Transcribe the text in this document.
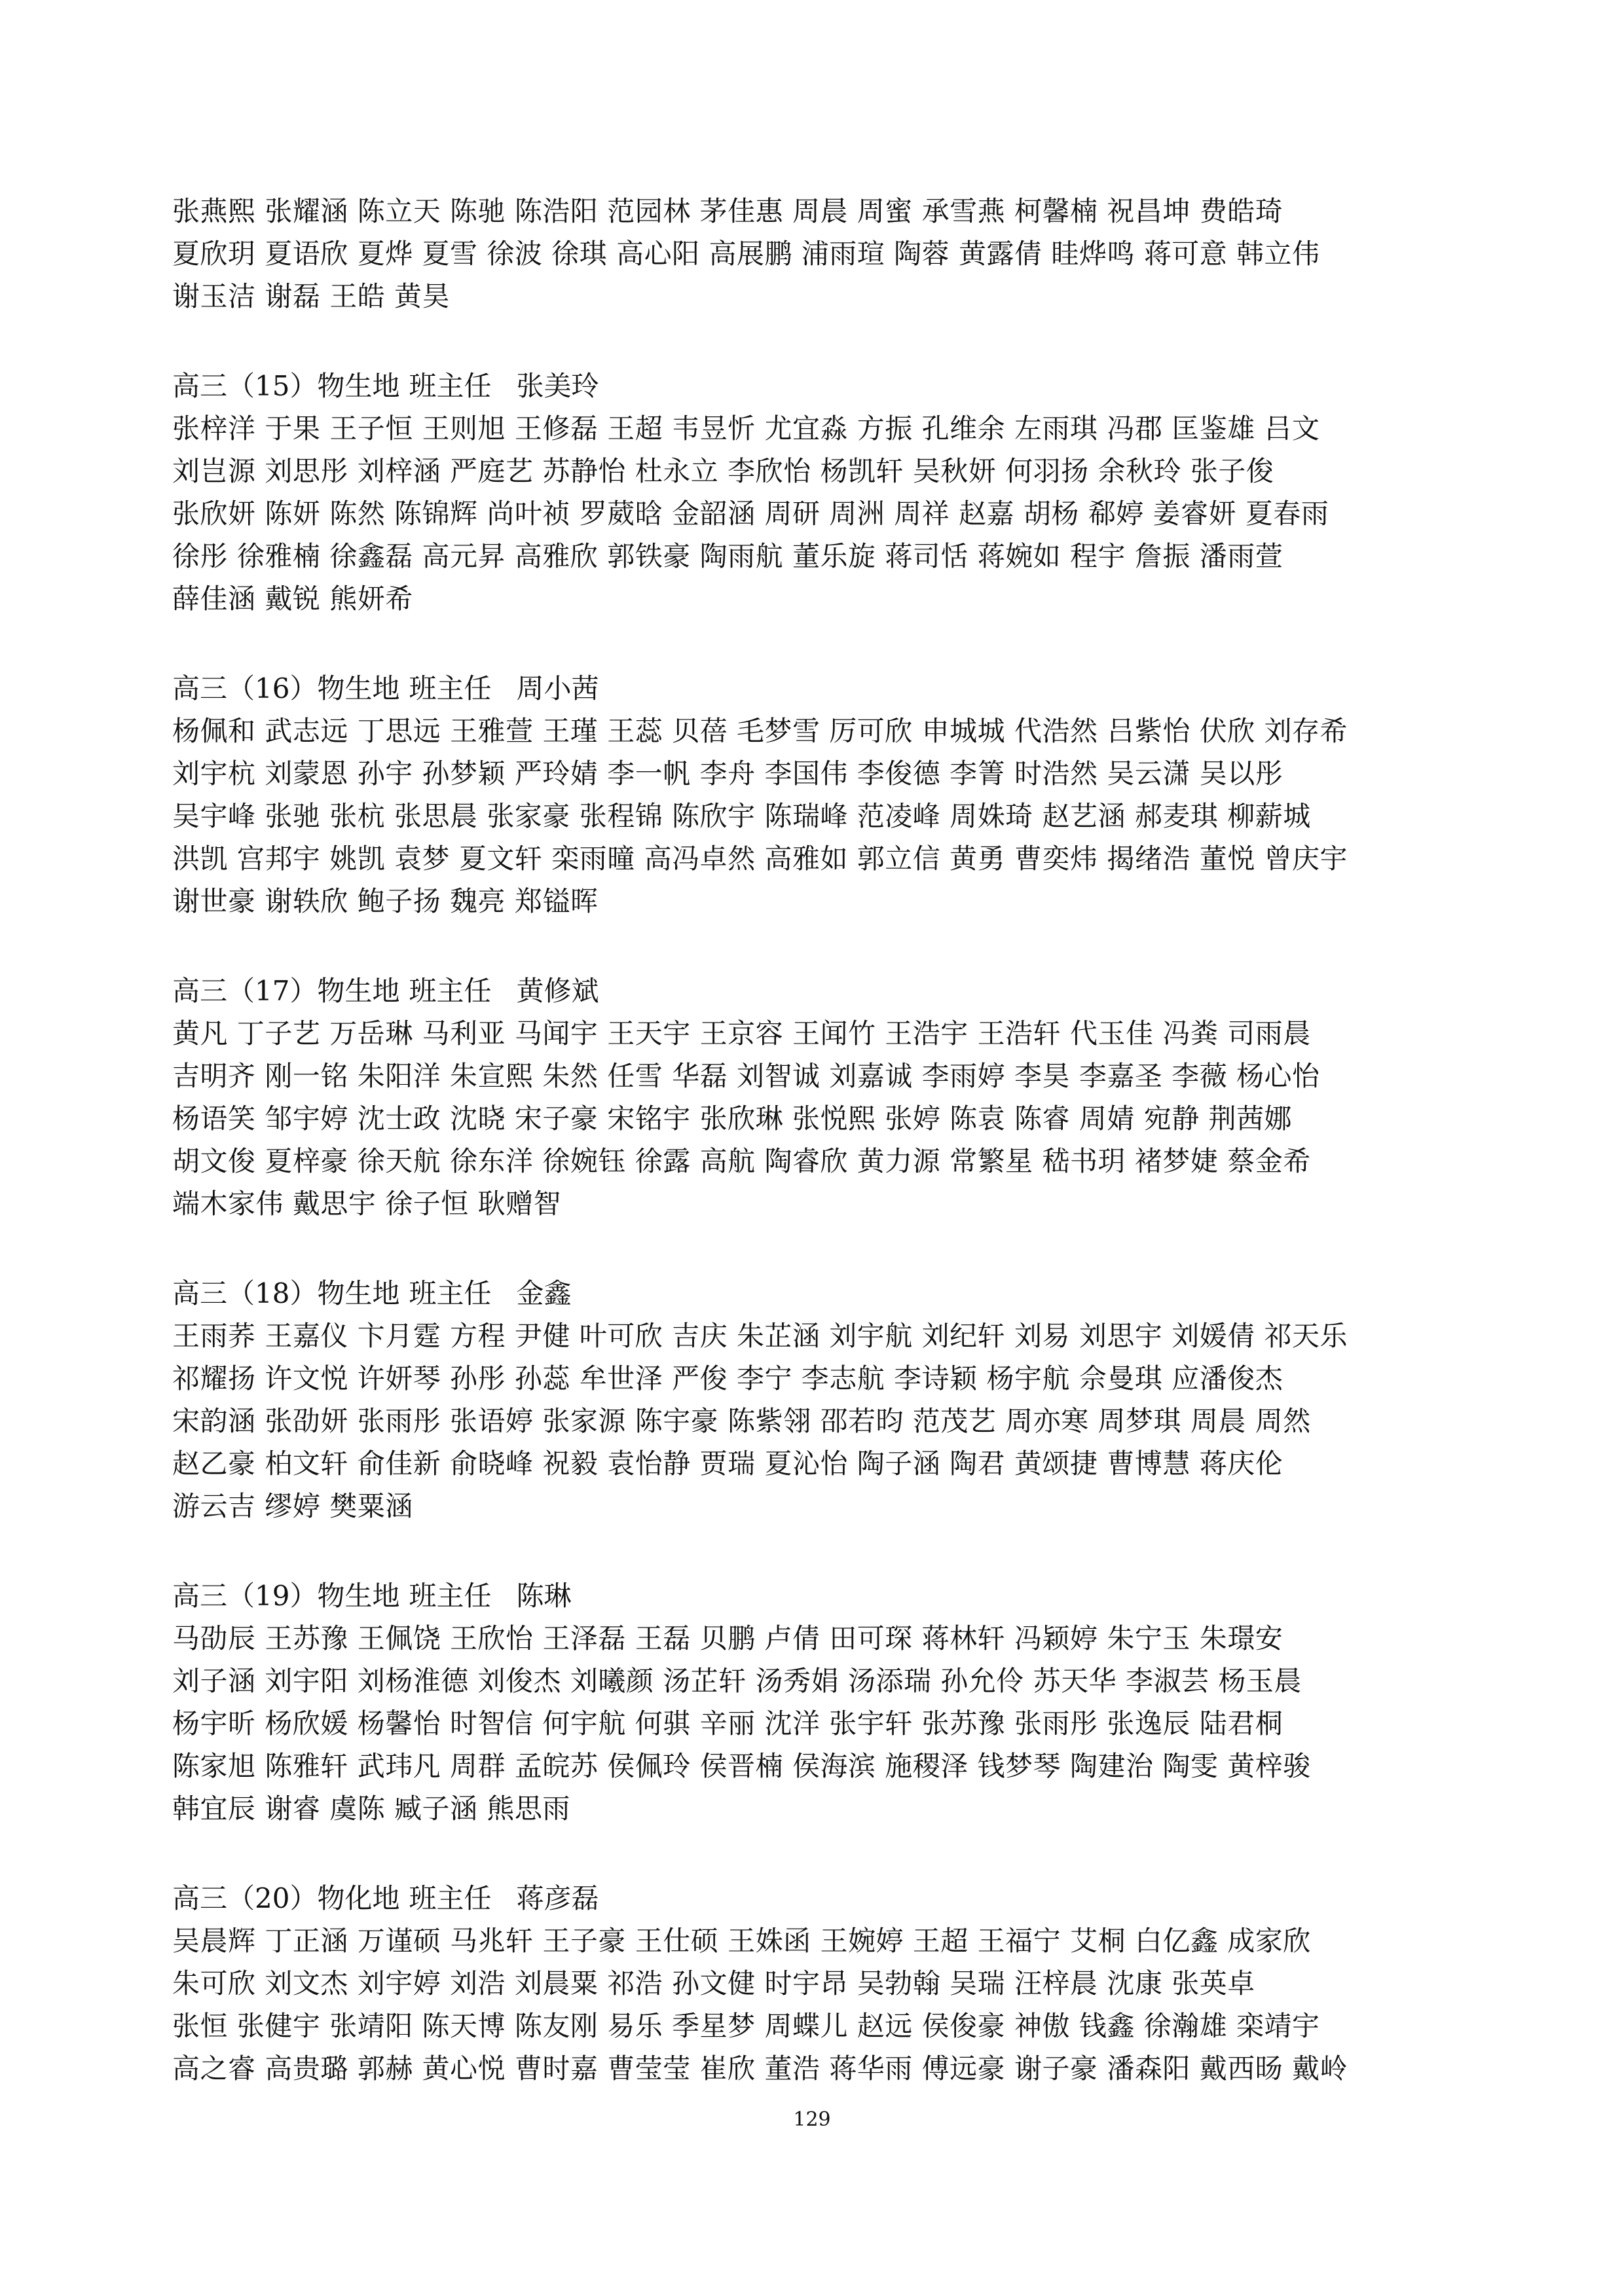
张燕熙 张耀涵 陈立天 陈驰 陈浩阳 范园林 茅佳惠 周晨 周蜜 承雪燕 柯馨楠 祝昌坤 费皓琦
夏欣玥 夏语欣 夏烨 夏雪 徐波 徐琪 高心阳 高展鹏 浦雨瑄 陶蓉 黄露倩 眭烨鸣 蒋可意 韩立伟
谢玉洁 谢磊 王皓 黄昊
高三（15）物生地 班主任 张美玲
张梓洋 于果 王子恒 王则旭 王修磊 王超 韦昱忻 尤宜淼 方振 孔维余 左雨琪 冯郡 匡鉴雄 吕文
刘岂源 刘思彤 刘梓涵 严庭艺 苏静怡 杜永立 李欣怡 杨凯轩 吴秋妍 何羽扬 余秋玲 张子俊
张欣妍 陈妍 陈然 陈锦辉 尚叶祯 罗葳晗 金韶涵 周研 周洲 周祥 赵嘉 胡杨 郗婷 姜睿妍 夏春雨
徐彤 徐雅楠 徐鑫磊 高元昇 高雅欣 郭铁豪 陶雨航 董乐旋 蒋司恬 蒋婉如 程宇 詹振 潘雨萱
薛佳涵 戴锐 熊妍希
高三（16）物生地 班主任 周小茜
杨佩和 武志远 丁思远 王雅萱 王瑾 王蕊 贝蓓 毛梦雪 厉可欣 申城城 代浩然 吕紫怡 伏欣 刘存希
刘宇杭 刘蒙恩 孙宇 孙梦颖 严玲婧 李一帆 李舟 李国伟 李俊德 李箐 时浩然 吴云潇 吴以彤
吴宇峰 张驰 张杭 张思晨 张家豪 张程锦 陈欣宇 陈瑞峰 范凌峰 周姝琦 赵艺涵 郝麦琪 柳薪城
洪凯 宫邦宇 姚凯 袁梦 夏文轩 栾雨曈 高冯卓然 高雅如 郭立信 黄勇 曹奕炜 揭绪浩 董悦 曾庆宇
谢世豪 谢轶欣 鲍子扬 魏亮 郑镒晖
高三（17）物生地 班主任 黄修斌
黄凡 丁子艺 万岳琳 马利亚 马闻宇 王天宇 王京容 王闻竹 王浩宇 王浩轩 代玉佳 冯粪 司雨晨
吉明齐 刚一铭 朱阳洋 朱宣熙 朱然 任雪 华磊 刘智诚 刘嘉诚 李雨婷 李昊 李嘉圣 李薇 杨心怡
杨语笑 邹宇婷 沈士政 沈晓 宋子豪 宋铭宇 张欣琳 张悦熙 张婷 陈袁 陈睿 周婧 宛静 荆茜娜
胡文俊 夏梓豪 徐天航 徐东洋 徐婉钰 徐露 高航 陶睿欣 黄力源 常繁星 嵇书玥 褚梦婕 蔡金希
端木家伟 戴思宇 徐子恒 耿赠智
高三（18）物生地 班主任 金鑫
王雨荞 王嘉仪 卞月霆 方程 尹健 叶可欣 吉庆 朱芷涵 刘宇航 刘纪轩 刘易 刘思宇 刘媛倩 祁天乐
祁耀扬 许文悦 许妍琴 孙彤 孙蕊 牟世泽 严俊 李宁 李志航 李诗颖 杨宇航 佘曼琪 应潘俊杰
宋韵涵 张劭妍 张雨彤 张语婷 张家源 陈宇豪 陈紫翎 邵若昀 范茂艺 周亦寒 周梦琪 周晨 周然
赵乙豪 柏文轩 俞佳新 俞晓峰 祝毅 袁怡静 贾瑞 夏沁怡 陶子涵 陶君 黄颂捷 曹博慧 蒋庆伦
游云吉 缪婷 樊粟涵
高三（19）物生地 班主任 陈琳
马劭辰 王苏豫 王佩饶 王欣怡 王泽磊 王磊 贝鹏 卢倩 田可琛 蒋林轩 冯颖婷 朱宁玉 朱璟安
刘子涵 刘宇阳 刘杨淮德 刘俊杰 刘曦颜 汤芷轩 汤秀娟 汤添瑞 孙允伶 苏天华 李淑芸 杨玉晨
杨宇昕 杨欣媛 杨馨怡 时智信 何宇航 何骐 辛丽 沈洋 张宇轩 张苏豫 张雨彤 张逸辰 陆君桐
陈家旭 陈雅轩 武玮凡 周群 孟皖苏 侯佩玲 侯晋楠 侯海滨 施稷泽 钱梦琴 陶建治 陶雯 黄梓骏
韩宜辰 谢睿 虞陈 臧子涵 熊思雨
高三（20）物化地 班主任 蒋彦磊
吴晨辉 丁正涵 万谨硕 马兆轩 王子豪 王仕硕 王姝函 王婉婷 王超 王福宁 艾桐 白亿鑫 成家欣
朱可欣 刘文杰 刘宇婷 刘浩 刘晨粟 祁浩 孙文健 时宇昂 吴勃翰 吴瑞 汪梓晨 沈康 张英卓
张恒 张健宇 张靖阳 陈天博 陈友刚 易乐 季星梦 周蝶儿 赵远 侯俊豪 神傲 钱鑫 徐瀚雄 栾靖宇
高之睿 高贵璐 郭赫 黄心悦 曹时嘉 曹莹莹 崔欣 董浩 蒋华雨 傅远豪 谢子豪 潘森阳 戴西旸 戴岭
129
